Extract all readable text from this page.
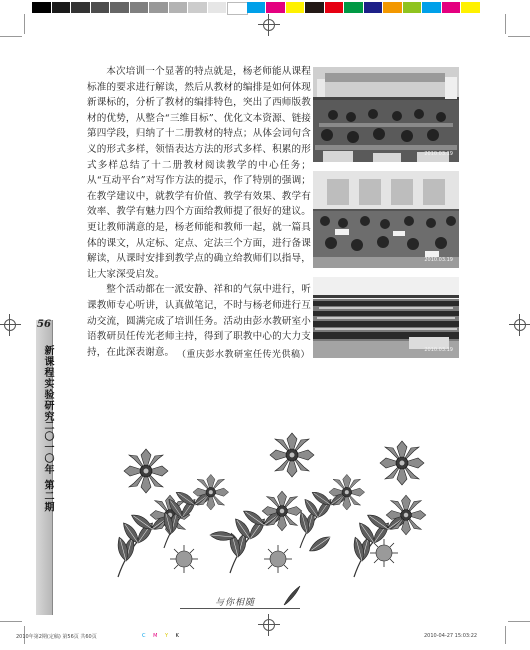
本次培训一个显著的特点就是，杨老师能从课程标准的要求进行解读，然后从教材的编排是如何体现新课标的，分析了教材的编排特色，突出了西师版教材的优势，从整合“三维目标”、优化文本资源、链接第四学段，归纳了十二册教材的特点；从体会词句含义的形式多样，领悟表达方法的形式多样、积累的形式多样总结了十二册教材阅读教学的中心任务；从“互动平台”对写作方法的提示，作了特别的强调；在教学建议中，就教学有价值、教学有效果、教学有效率、教学有魅力四个方面给教师提了很好的建议。更让教师满意的是，杨老师能和教师一起，就一篇具体的课文，从定标、定点、定法三个方面，进行备课解读，从课时安排到教学点的确立给教师们以指导，让大家深受启发。

整个活动都在一派安静、祥和的气氛中进行，听课教师专心听讲，认真做笔记，不时与杨老师进行互动交流，圆满完成了培训任务。活动由彭水教研室小语教研员任传光老师主持，得到了职教中心的大力支持，在此深表谢意。 （重庆彭水教研室任传光供稿）
2010.03.19
2010.03.19
2010.03.19
56
新课程实验研究
二〇一〇年 第二期
与你相随
2010年第2期(定稿) 第56页 共60页	C M Y K	2010-04-27 15:03:22
